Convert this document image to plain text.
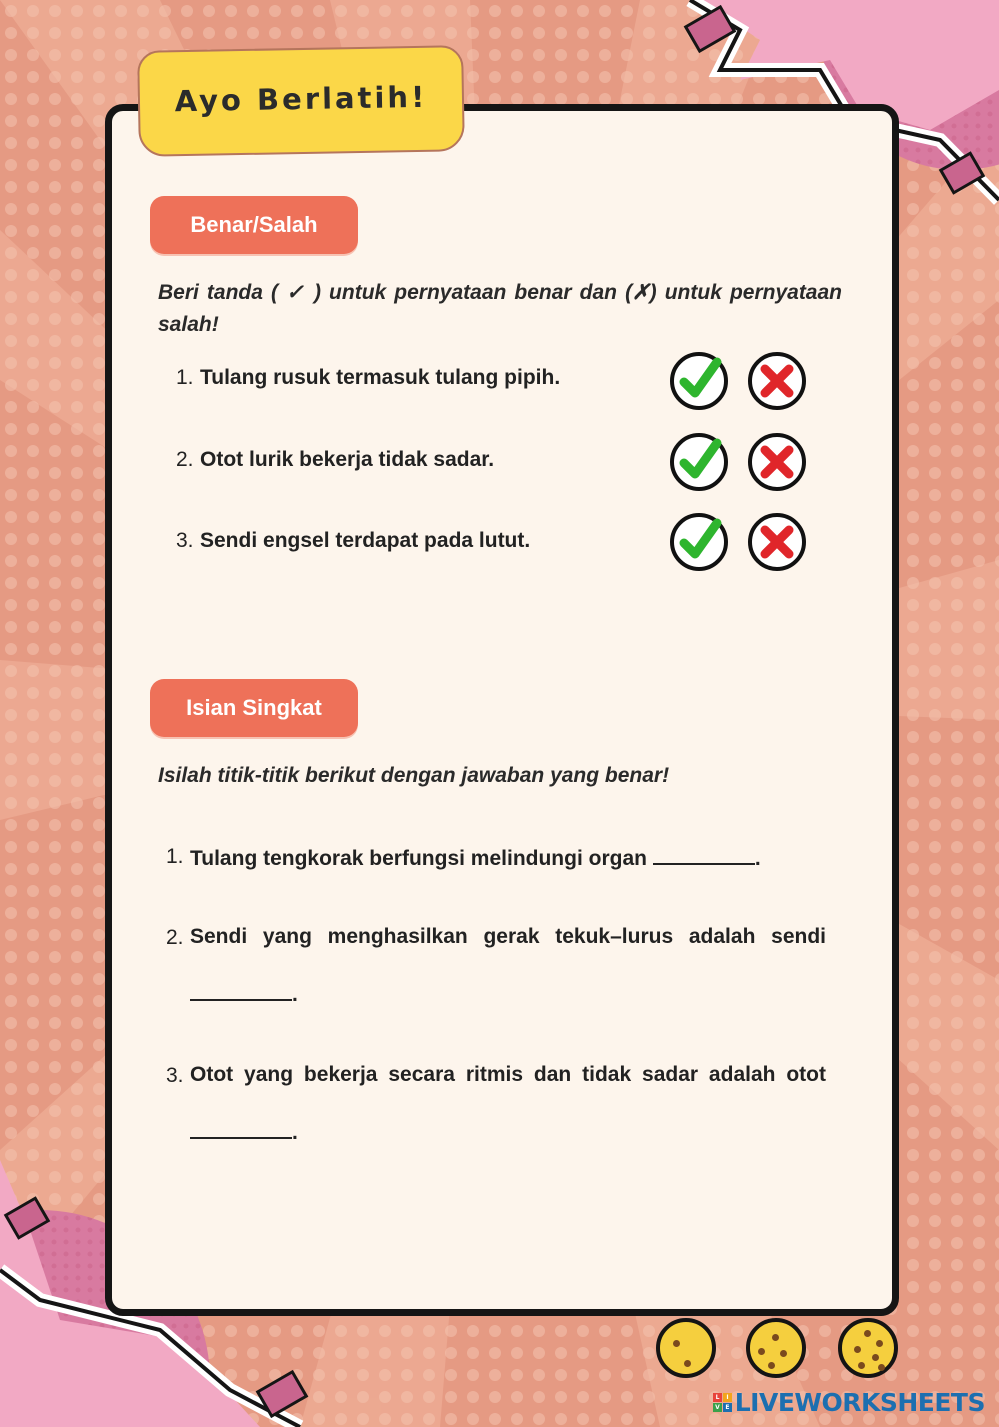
Ayo Berlatih!
Benar/Salah
Beri tanda ( ✓ ) untuk pernyataan benar dan (✗) untuk pernyataan salah!
1. Tulang rusuk termasuk tulang pipih.
2. Otot lurik bekerja tidak sadar.
3. Sendi engsel terdapat pada lutut.
Isian Singkat
Isilah titik-titik berikut dengan jawaban yang benar!
1. Tulang tengkorak berfungsi melindungi organ	.
2. Sendi yang menghasilkan gerak tekuk–lurus adalah sendi .
3. Otot yang bekerja secara ritmis dan tidak sadar adalah otot .
L	I
V	E LIVEWORKSHEETS
